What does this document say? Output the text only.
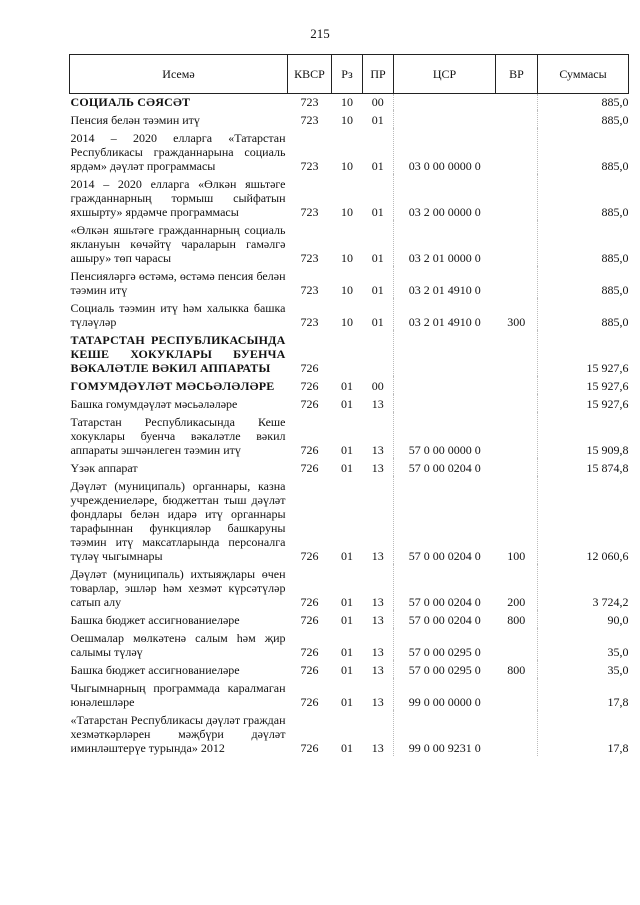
215
Исемә	КВСР	Рз	ПР	ЦСР	ВР	Суммасы
СОЦИАЛЬ СӘЯСӘТ	723	10	00			885,0
Пенсия белән тәэмин итү	723	10	01			885,0
2014 – 2020 елларга «Татарстан Республикасы гражданнарына социаль ярдәм» дәүләт программасы	723	10	01	03 0 00 0000 0		885,0
2014 – 2020 елларга «Өлкән яшьтәге гражданнарның тормыш сыйфатын яхшырту» ярдәмче программасы	723	10	01	03 2 00 0000 0		885,0
«Өлкән яшьтәге гражданнарның социаль яклануын көчәйтү чараларын гамәлгә ашыру» төп чарасы	723	10	01	03 2 01 0000 0		885,0
Пенсияләргә өстәмә, өстәмә пенсия белән тәэмин итү	723	10	01	03 2 01 4910 0		885,0
Социаль тәэмин итү һәм халыкка башка түләүләр	723	10	01	03 2 01 4910 0	300	885,0
ТАТАРСТАН РЕСПУБЛИКАСЫНДА КЕШЕ ХОКУКЛАРЫ БУЕНЧА ВӘКАЛӘТЛЕ ВӘКИЛ АППАРАТЫ	726					15 927,6
ГОМУМДӘҮЛӘТ МӘСЬӘЛӘЛӘРЕ	726	01	00			15 927,6
Башка гомумдәүләт мәсьәләләре	726	01	13			15 927,6
Татарстан Республикасында Кеше хокуклары буенча вәкаләтле вәкил аппараты эшчәнлеген тәэмин итү	726	01	13	57 0 00 0000 0		15 909,8
Үзәк аппарат	726	01	13	57 0 00 0204 0		15 874,8
Дәүләт (муниципаль) органнары, казна учреждениеләре, бюджеттан тыш дәүләт фондлары белән идарә итү органнары тарафыннан функцияләр башкаруны тәэмин итү максатларында персоналга түләү чыгымнары	726	01	13	57 0 00 0204 0	100	12 060,6
Дәүләт (муниципаль) ихтыяҗлары өчен товарлар, эшләр һәм хезмәт күрсәтүләр сатып алу	726	01	13	57 0 00 0204 0	200	3 724,2
Башка бюджет ассигнованиеләре	726	01	13	57 0 00 0204 0	800	90,0
Оешмалар мөлкәтенә салым һәм җир салымы түләү	726	01	13	57 0 00 0295 0		35,0
Башка бюджет ассигнованиеләре	726	01	13	57 0 00 0295 0	800	35,0
Чыгымнарның программада каралмаган юнәлешләре	726	01	13	99 0 00 0000 0		17,8
«Татарстан Республикасы дәүләт граждан хезмәткәрләрен мәҗбүри дәүләт иминләштерүе турында» 2012	726	01	13	99 0 00 9231 0		17,8
